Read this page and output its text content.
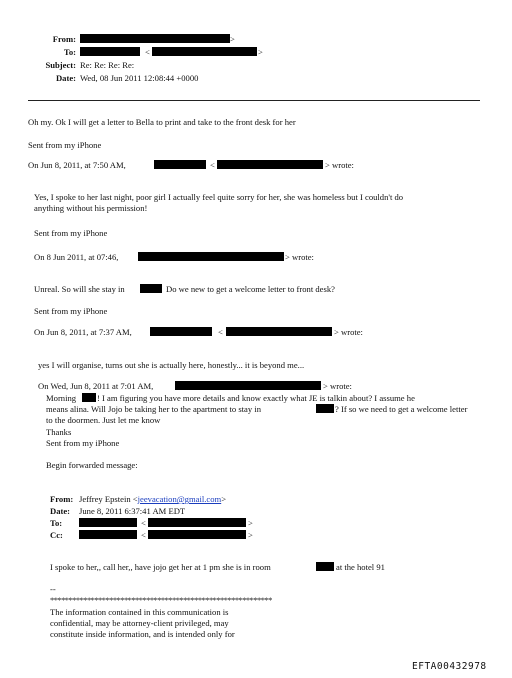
From:	>
To:	<	>
Subject: Re: Re: Re: Re:
Date: Wed, 08 Jun 2011 12:08:44 +0000
Oh my. Ok I will get a letter to Bella to print and take to the front desk for her
Sent from my iPhone
On Jun 8, 2011, at 7:50 AM,	<	> wrote:
Yes, I spoke to her last night, poor girl I actually feel quite sorry for her, she was homeless but I couldn't do
anything without his permission!
Sent from my iPhone
On 8 Jun 2011, at 07:46,	> wrote:
Unreal. So will she stay in	Do we new to get a welcome letter to front desk?
Sent from my iPhone
On Jun 8, 2011, at 7:37 AM,	<	> wrote:
yes I will organise, turns out she is actually here, honestly... it is beyond me...
On Wed, Jun 8, 2011 at 7:01 AM,	> wrote:
Morning ! I am figuring you have more details and know exactly what JE is talkin about? I assume he
means alina. Will Jojo be taking her to the apartment to stay in	? If so we need to get a welcome letter
to the doormen. Just let me know
Thanks
Sent from my iPhone
Begin forwarded message:
From: Jeffrey Epstein <jeevacation@gmail.com>
Date: June 8, 2011 6:37:41 AM EDT
To:	<	>
Cc:	<	>
I spoke to her,, call her,, have jojo get her at 1 pm she is in room	at the hotel 91
--
************************************************************
The information contained in this communication is
confidential, may be attorney-client privileged, may
constitute inside information, and is intended only for
EFTA00432978
